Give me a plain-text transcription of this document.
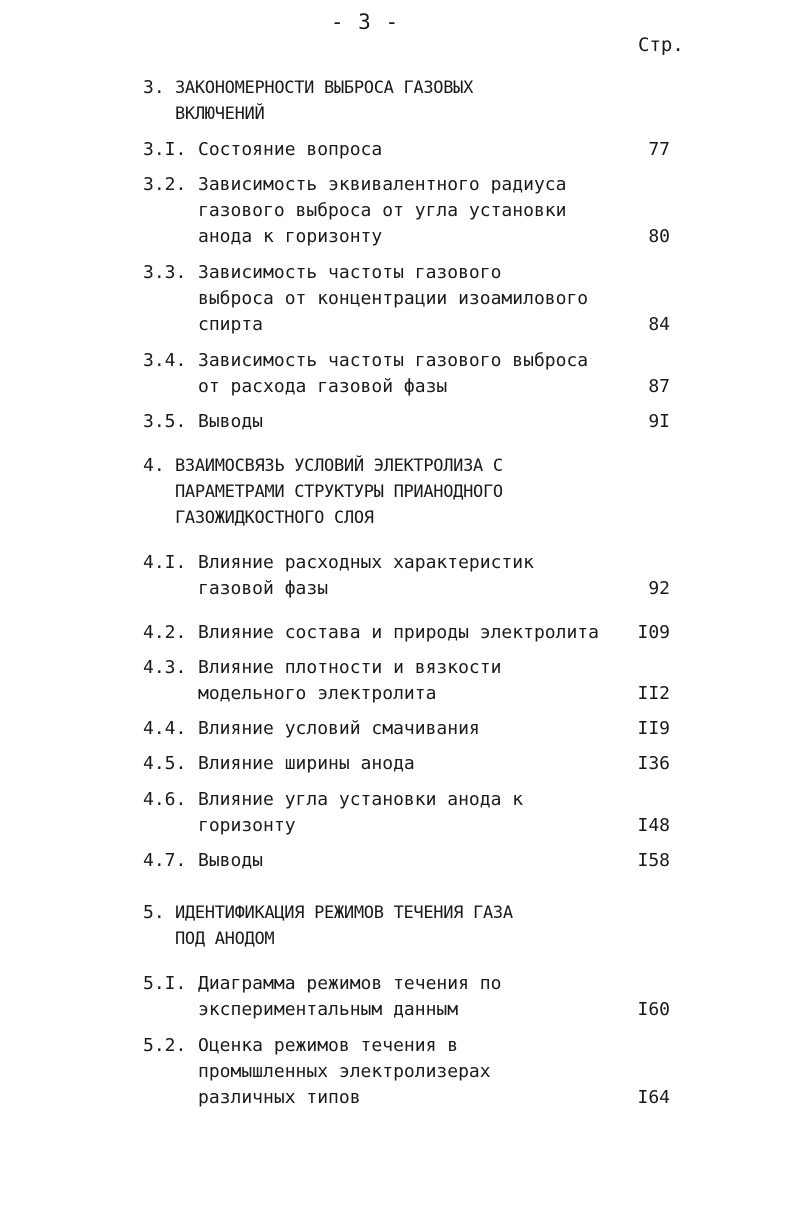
- 3 -
Стр.
3. ЗАКОНОМЕРНОСТИ ВЫБРОСА ГАЗОВЫХ
ВКЛЮЧЕНИЙ
3.I. Состояние вопроса	77
3.2. Зависимость эквивалентного радиуса
газового выброса от угла установки
анода к горизонту	80
3.3. Зависимость частоты газового
выброса от концентрации изоамилового
спирта	84
3.4. Зависимость частоты газового выброса
от расхода газовой фазы	87
3.5. Выводы	9I
4. ВЗАИМОСВЯЗЬ УСЛОВИЙ ЭЛЕКТРОЛИЗА С
ПАРАМЕТРАМИ СТРУКТУРЫ ПРИАНОДНОГО
ГАЗОЖИДКОСТНОГО СЛОЯ
4.I. Влияние расходных характеристик
газовой фазы	92
4.2. Влияние состава и природы электролита I09
4.3. Влияние плотности и вязкости
модельного электролита	II2
4.4. Влияние условий смачивания	II9
4.5. Влияние ширины анода	I36
4.6. Влияние угла установки анода к
горизонту	I48
4.7. Выводы	I58
5. ИДЕНТИФИКАЦИЯ РЕЖИМОВ ТЕЧЕНИЯ ГАЗА
ПОД АНОДОМ
5.I. Диаграмма режимов течения по
экспериментальным данным	I60
5.2. Оценка режимов течения в
промышленных электролизерах
различных типов	I64
